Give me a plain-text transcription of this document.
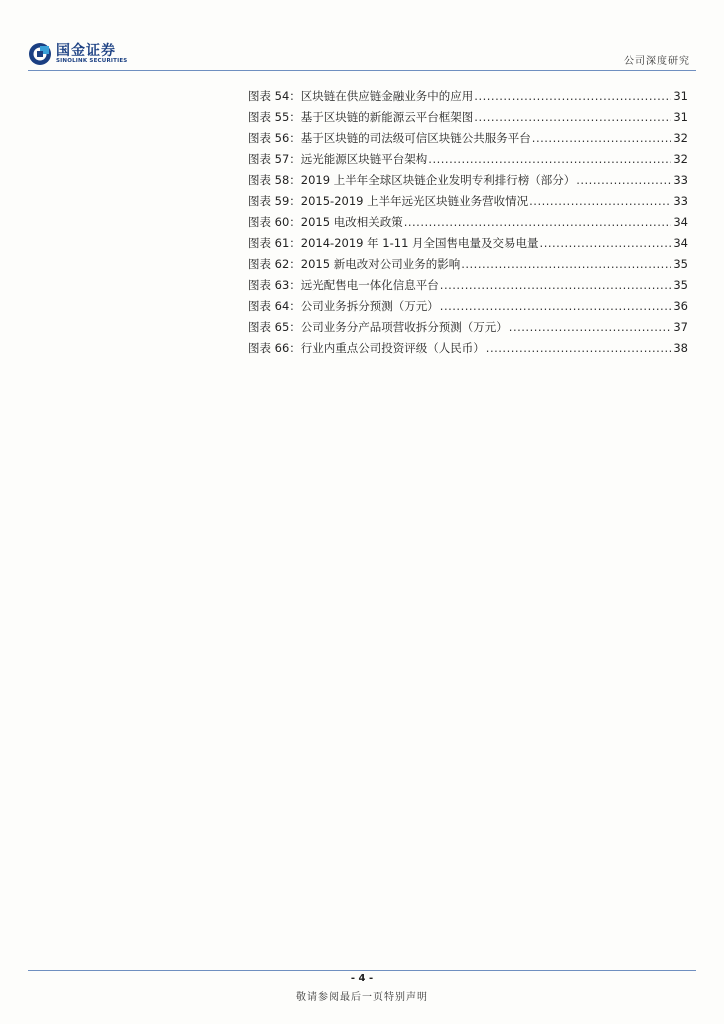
国金证券
SINOLINK SECURITIES	公司深度研究
图表 54：区块链在供应链金融业务中的应用 .....	31
图表 55：基于区块链的新能源云平台框架图 .....	31
图表 56：基于区块链的司法级可信区块链公共服务平台 .....	32
图表 57：远光能源区块链平台架构 .....	32
图表 58：2019 上半年全球区块链企业发明专利排行榜（部分） .....	33
图表 59：2015-2019 上半年远光区块链业务营收情况 .....	33
图表 60：2015 电改相关政策 .....	34
图表 61：2014-2019 年 1-11 月全国售电量及交易电量 .....	34
图表 62：2015 新电改对公司业务的影响 .....	35
图表 63：远光配售电一体化信息平台 .....	35
图表 64：公司业务拆分预测（万元） .....	36
图表 65：公司业务分产品项营收拆分预测（万元） .....	37
图表 66：行业内重点公司投资评级（人民币） .....	38
- 4 -
敬请参阅最后一页特别声明
